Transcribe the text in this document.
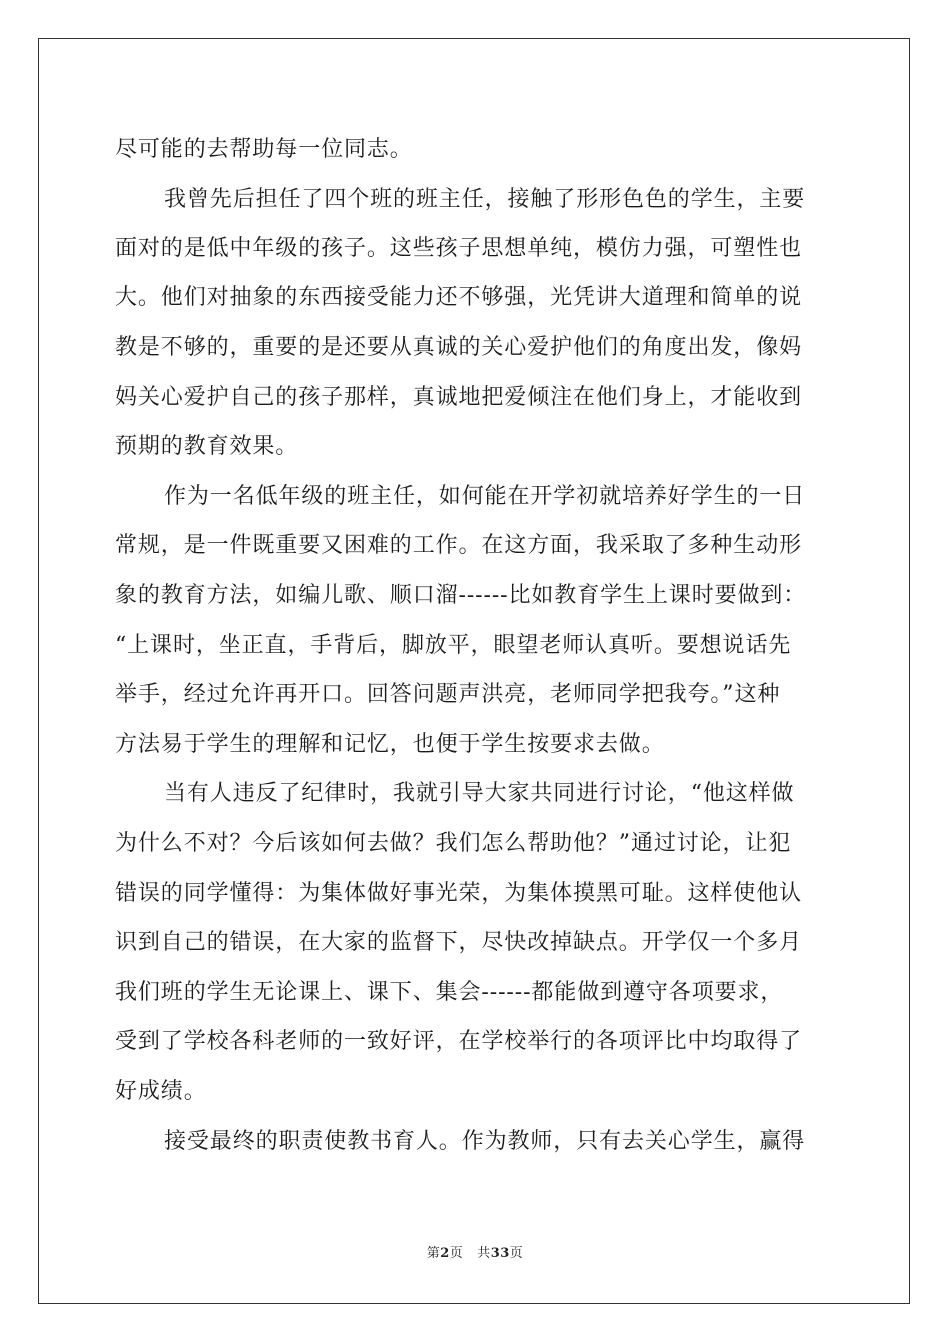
尽可能的去帮助每一位同志。
我曾先后担任了四个班的班主任，接触了形形色色的学生，主要
面对的是低中年级的孩子。这些孩子思想单纯，模仿力强，可塑性也
大。他们对抽象的东西接受能力还不够强，光凭讲大道理和简单的说
教是不够的，重要的是还要从真诚的关心爱护他们的角度出发，像妈
妈关心爱护自己的孩子那样，真诚地把爱倾注在他们身上，才能收到
预期的教育效果。
作为一名低年级的班主任，如何能在开学初就培养好学生的一日
常规，是一件既重要又困难的工作。在这方面，我采取了多种生动形
象的教育方法，如编儿歌、顺口溜------比如教育学生上课时要做到：
“上课时，坐正直，手背后，脚放平，眼望老师认真听。要想说话先
举手，经过允许再开口。回答问题声洪亮，老师同学把我夸。”这种
方法易于学生的理解和记忆，也便于学生按要求去做。
当有人违反了纪律时，我就引导大家共同进行讨论，“他这样做
为什么不对？今后该如何去做？我们怎么帮助他？”通过讨论，让犯
错误的同学懂得：为集体做好事光荣，为集体摸黑可耻。这样使他认
识到自己的错误，在大家的监督下，尽快改掉缺点。开学仅一个多月
我们班的学生无论课上、课下、集会------都能做到遵守各项要求，
受到了学校各科老师的一致好评，在学校举行的各项评比中均取得了
好成绩。
接受最终的职责使教书育人。作为教师，只有去关心学生，赢得
第2页 共33页
